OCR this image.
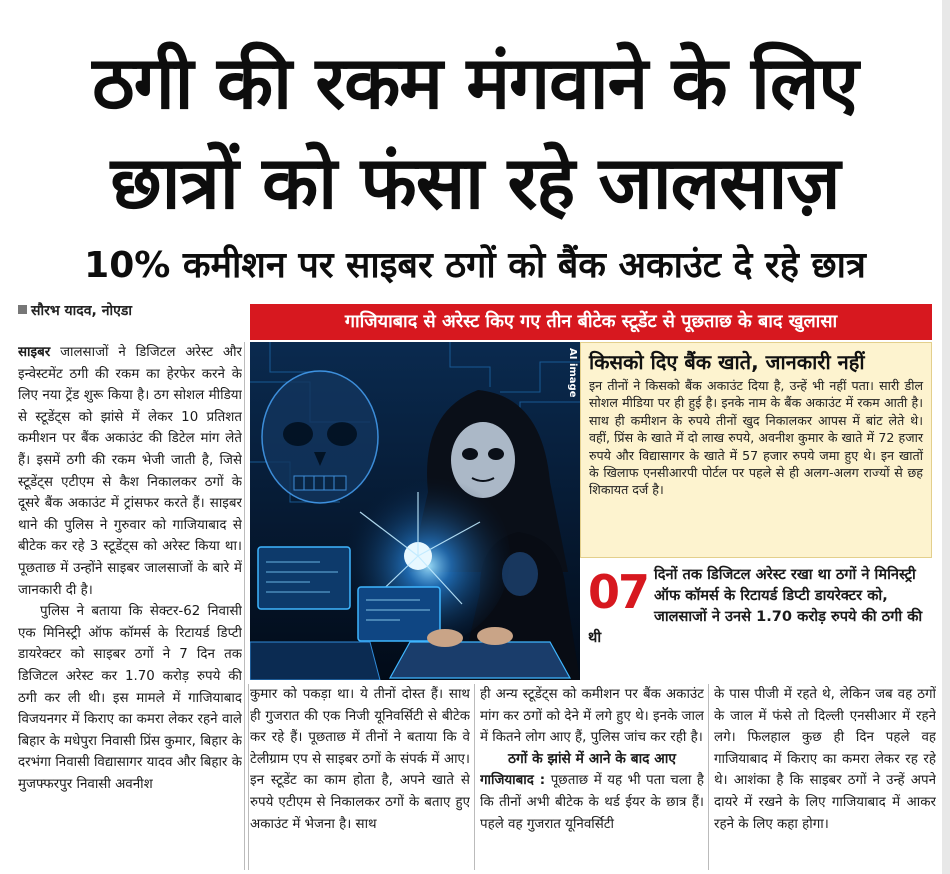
ठगी की रकम मंगवाने के लिए
छात्रों को फंसा रहे जालसाज़
10% कमीशन पर साइबर ठगों को बैंक अकाउंट दे रहे छात्र
सौरभ यादव, नोएडा	गाजियाबाद से अरेस्ट किए गए तीन बीटेक स्टूडेंट से पूछताछ के बाद खुलासा

साइबर जालसाजों ने डिजिटल अरेस्ट और इन्वेस्टमेंट ठगी की रकम का हेरफेर करने के लिए नया ट्रेंड शुरू किया है। ठग सोशल मीडिया से स्टूडेंट्स को झांसे में लेकर 10 प्रतिशत कमीशन पर बैंक अकाउंट की डिटेल मांग लेते हैं। इसमें ठगी की रकम भेजी जाती है, जिसे स्टूडेंट्स एटीएम से कैश निकालकर ठगों के दूसरे बैंक अकाउंट में ट्रांसफर करते हैं। साइबर थाने की पुलिस ने गुरुवार को गाजियाबाद से बीटेक कर रहे 3 स्टूडेंट्स को अरेस्ट किया था। पूछताछ में उन्होंने साइबर जालसाजों के बारे में जानकारी दी है।

पुलिस ने बताया कि सेक्टर-62 निवासी एक मिनिस्ट्री ऑफ कॉमर्स के रिटायर्ड डिप्टी डायरेक्टर को साइबर ठगों ने 7 दिन तक डिजिटल अरेस्ट कर 1.70 करोड़ रुपये की ठगी कर ली थी। इस मामले में गाजियाबाद विजयनगर में किराए का कमरा लेकर रहने वाले बिहार के मधेपुरा निवासी प्रिंस कुमार, बिहार के दरभंगा निवासी विद्यासागर यादव और बिहार के मुजफ्फरपुर निवासी अवनीश

AI image किसको दिए बैंक खाते, जानकारी नहीं

इन तीनों ने किसको बैंक अकाउंट दिया है, उन्हें भी नहीं पता। सारी डील सोशल मीडिया पर ही हुई है। इनके नाम के बैंक अकाउंट में रकम आती है। साथ ही कमीशन के रुपये तीनों खुद निकालकर आपस में बांट लेते थे। वहीं, प्रिंस के खाते में दो लाख रुपये, अवनीश कुमार के खाते में 72 हजार रुपये और विद्यासागर के खाते में 57 हजार रुपये जमा हुए थे। इन खातों के खिलाफ एनसीआरपी पोर्टल पर पहले से ही अलग-अलग राज्यों से छह शिकायत दर्ज है।

07 दिनों तक डिजिटल अरेस्ट रखा था ठगों ने मिनिस्ट्री ऑफ कॉमर्स के रिटायर्ड डिप्टी डायरेक्टर को, जालसाजों ने उनसे 1.70 करोड़ रुपये की ठगी की थी

कुमार को पकड़ा था। ये तीनों दोस्त हैं। साथ ही गुजरात की एक निजी यूनिवर्सिटी से बीटेक कर रहे हैं। पूछताछ में तीनों ने बताया कि वे टेलीग्राम एप से साइबर ठगों के संपर्क में आए। इन स्टूडेंट का काम होता है, अपने खाते से रुपये एटीएम से निकालकर ठगों के बताए हुए अकाउंट में भेजना है। साथ

ही अन्य स्टूडेंट्स को कमीशन पर बैंक अकाउंट मांग कर ठगों को देने में लगे हुए थे। इनके जाल में कितने लोग आए हैं, पुलिस जांच कर रही है।

ठगों के झांसे में आने के बाद आए
गाजियाबाद : पूछताछ में यह भी पता चला है कि तीनों अभी बीटेक के थर्ड ईयर के छात्र हैं। पहले वह गुजरात यूनिवर्सिटी

के पास पीजी में रहते थे, लेकिन जब वह ठगों के जाल में फंसे तो दिल्ली एनसीआर में रहने लगे। फिलहाल कुछ ही दिन पहले वह गाजियाबाद में किराए का कमरा लेकर रह रहे थे। आशंका है कि साइबर ठगों ने उन्हें अपने दायरे में रखने के लिए गाजियाबाद में आकर रहने के लिए कहा होगा।
